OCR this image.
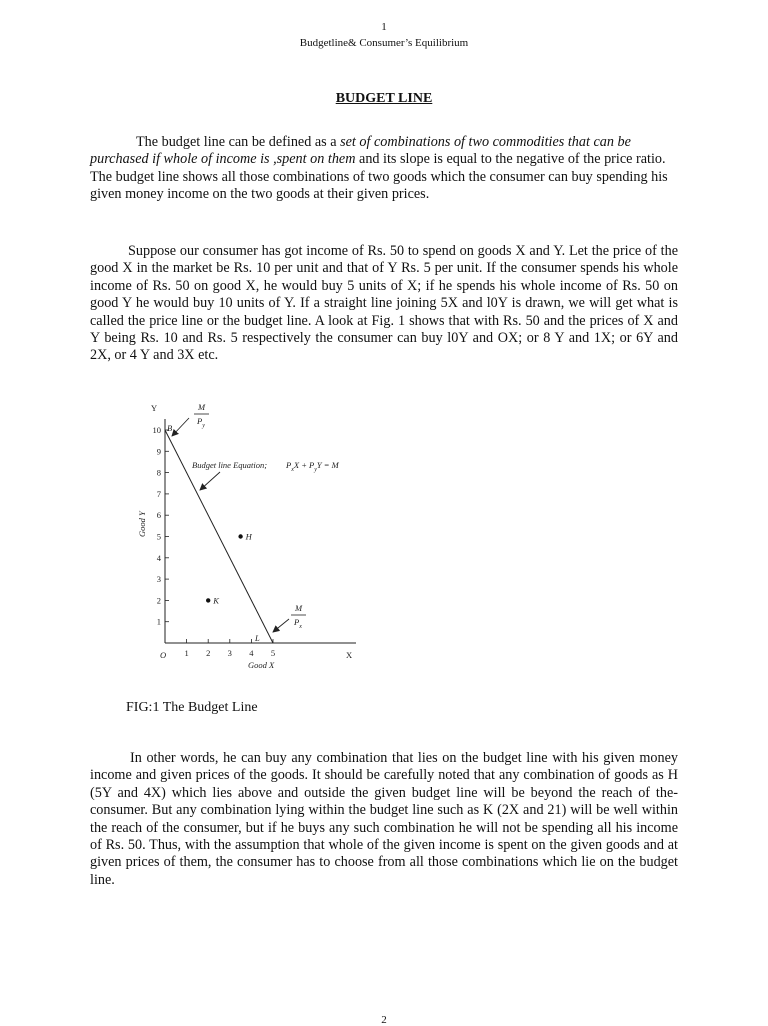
1
Budgetline& Consumer’s Equilibrium
BUDGET LINE

The budget line can be defined as a set of combinations of two commodities that can be purchased if whole of income is ,spent on them and its slope is equal to the negative of the price ratio. The budget line shows all those combinations of two goods which the consumer can buy spending his given money income on the two goods at their given prices.

Suppose our consumer has got income of Rs. 50 to spend on goods X and Y. Let the price of the good X in the market be Rs. 10 per unit and that of Y Rs. 5 per unit. If the consumer spends his whole income of Rs. 50 on good X, he would buy 5 units of X; if he spends his whole income of Rs. 50 on good Y he would buy 10 units of Y. If a straight line joining 5X and l0Y is drawn, we will get what is called the price line or the budget line. A look at Fig. 1 shows that with Rs. 50 and the prices of X and Y being Rs. 10 and Rs. 5 respectively the consumer can buy l0Y and OX; or 8 Y and 1X; or 6Y and 2X, or 4 Y and 3X etc.

Y
X
O
Good Y
Good X
1
2
3
4
5
6
7
8
9
10
1 2 3 4 5
B
L
M
$P_y$
M
$P_x$
Budget line Equation; $P_xX + P_yY = M$
H
K
FIG:1 The Budget Line

In other words, he can buy any combination that lies on the budget line with his given money income and given prices of the goods. It should be carefully noted that any combination of goods as H (5Y and 4X) which lies above and outside the given budget line will be beyond the reach of the-consumer. But any combination lying within the budget line such as K (2X and 21) will be well within the reach of the consumer, but if he buys any such combination he will not be spending all his income of Rs. 50. Thus, with the assumption that whole of the given income is spent on the given goods and at given prices of them, the consumer has to choose from all those combinations which lie on the budget line.

2
